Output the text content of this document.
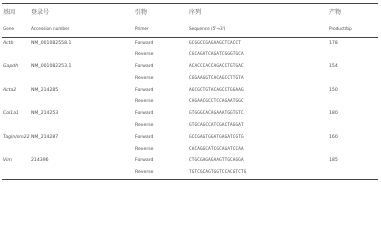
基因	登录号	引物	序列	产物
Gene	Accession number	Primer	Sequence (5'→3')	Product/bp
Actb	NM_001082558.1	Forward	GCGGCCGAGAAGCTCACCT	178
		Reverse	CGCAGATCAGATCGGGTGCA	
Gapdh	NM_001082253.1	Forward	ACACCCACCAGACCTGTGAC	154
		Reverse	CGGAAGGTCACAGCCTTGTA	
Acta2	NM_214285	Forward	AGCGCTGTACAGCCTGGAAG	150
		Reverse	CAGAACGCCTCCAGAATGGC	
Col1a1	NM_214253	Forward	GTGGGCACAGAAATGGTGTC	180
		Reverse	GTGCAGCCATCGACTAGGAT	
Tagln/sm22	NM_214287	Forward	GCCGAGTGGATGAGATCGTG	160
		Reverse	CACAGGCATCGCAGATCCAA	
Vim	214396	Forward	CTGCGAGAGAAGTTGCAGGA	185
		Reverse	TGTCGCAGTGGTCCACGTCTG	
